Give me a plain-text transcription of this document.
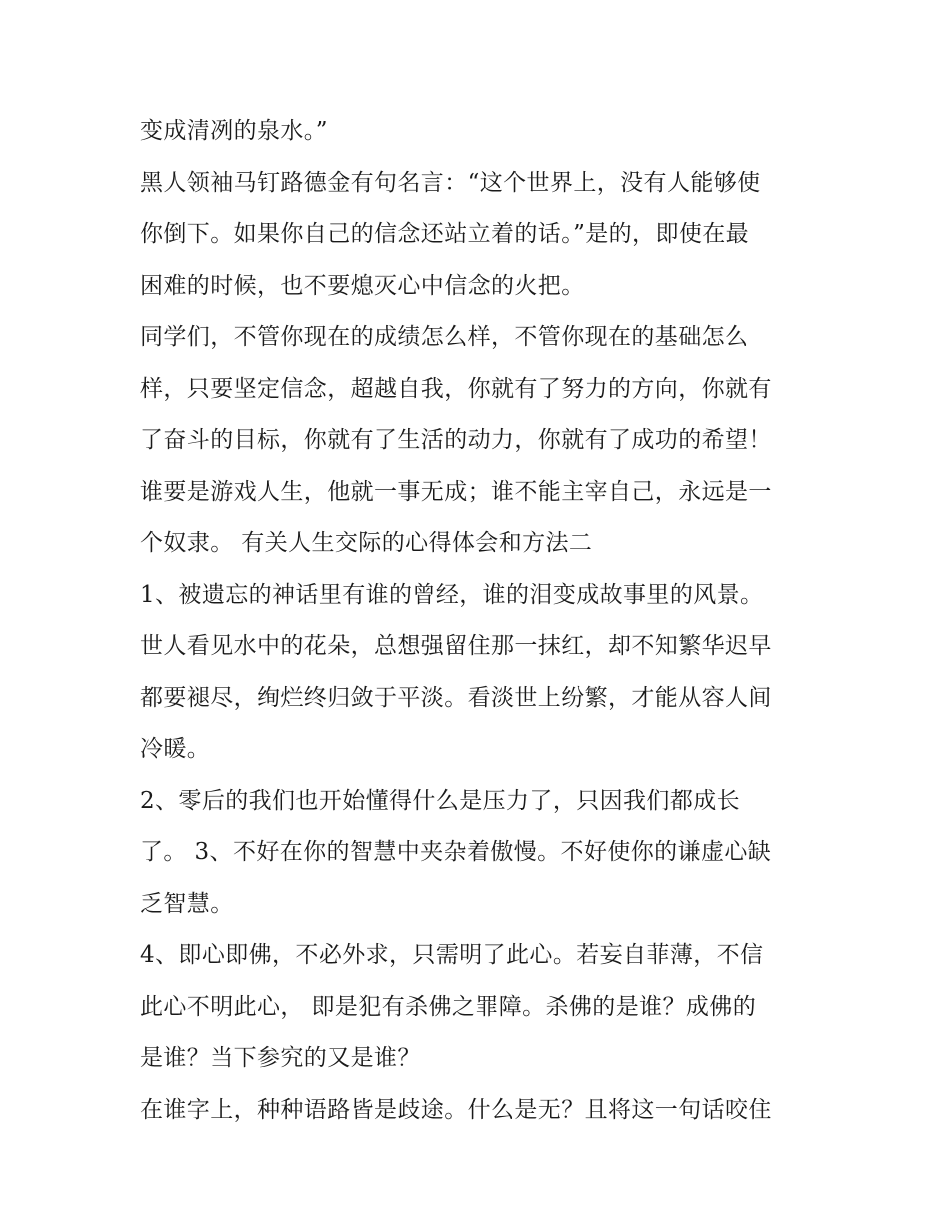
变成清冽的泉水。”
黑人领袖马钉路德金有句名言：“这个世界上，没有人能够使
你倒下。如果你自己的信念还站立着的话。”是的，即使在最
困难的时候，也不要熄灭心中信念的火把。
同学们，不管你现在的成绩怎么样，不管你现在的基础怎么
样，只要坚定信念，超越自我，你就有了努力的方向，你就有
了奋斗的目标，你就有了生活的动力，你就有了成功的希望！
谁要是游戏人生，他就一事无成；谁不能主宰自己，永远是一
个奴隶。 有关人生交际的心得体会和方法二
1、被遗忘的神话里有谁的曾经，谁的泪变成故事里的风景。
世人看见水中的花朵，总想强留住那一抹红，却不知繁华迟早
都要褪尽，绚烂终归敛于平淡。看淡世上纷繁，才能从容人间
冷暖。
2、零后的我们也开始懂得什么是压力了，只因我们都成长
了。 3、不好在你的智慧中夹杂着傲慢。不好使你的谦虚心缺
乏智慧。
4、即心即佛，不必外求，只需明了此心。若妄自菲薄，不信
此心不明此心， 即是犯有杀佛之罪障。杀佛的是谁？成佛的
是谁？当下参究的又是谁？
在谁字上，种种语路皆是歧途。什么是无？且将这一句话咬住
